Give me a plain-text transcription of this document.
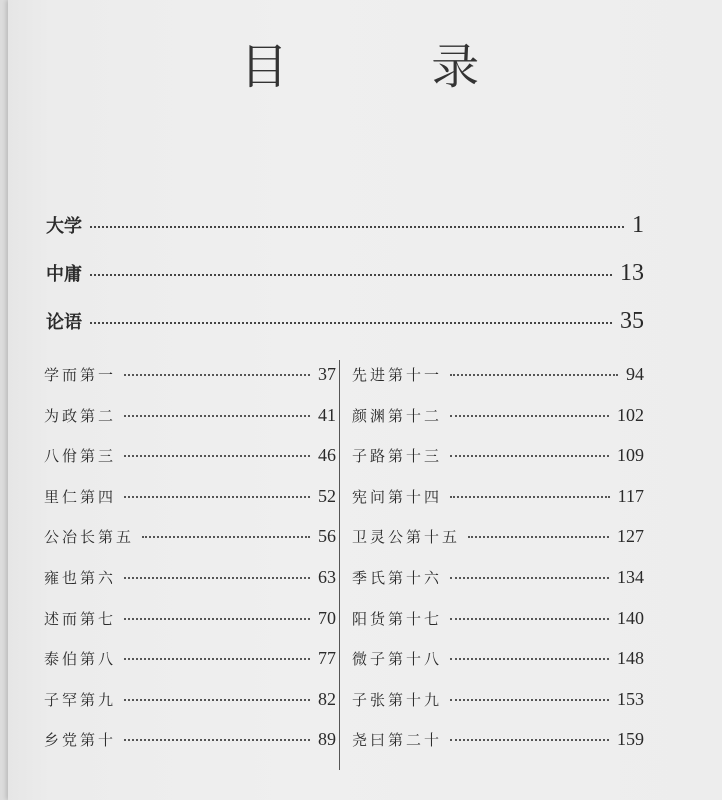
目 录
大学	1
中庸	13
论语	35
学而第一	37
为政第二	41
八佾第三	46
里仁第四	52
公冶长第五	56
雍也第六	63
述而第七	70
泰伯第八	77
子罕第九	82
乡党第十	89
先进第十一	94
颜渊第十二	102
子路第十三	109
宪问第十四	117
卫灵公第十五	127
季氏第十六	134
阳货第十七	140
微子第十八	148
子张第十九	153
尧曰第二十	159
